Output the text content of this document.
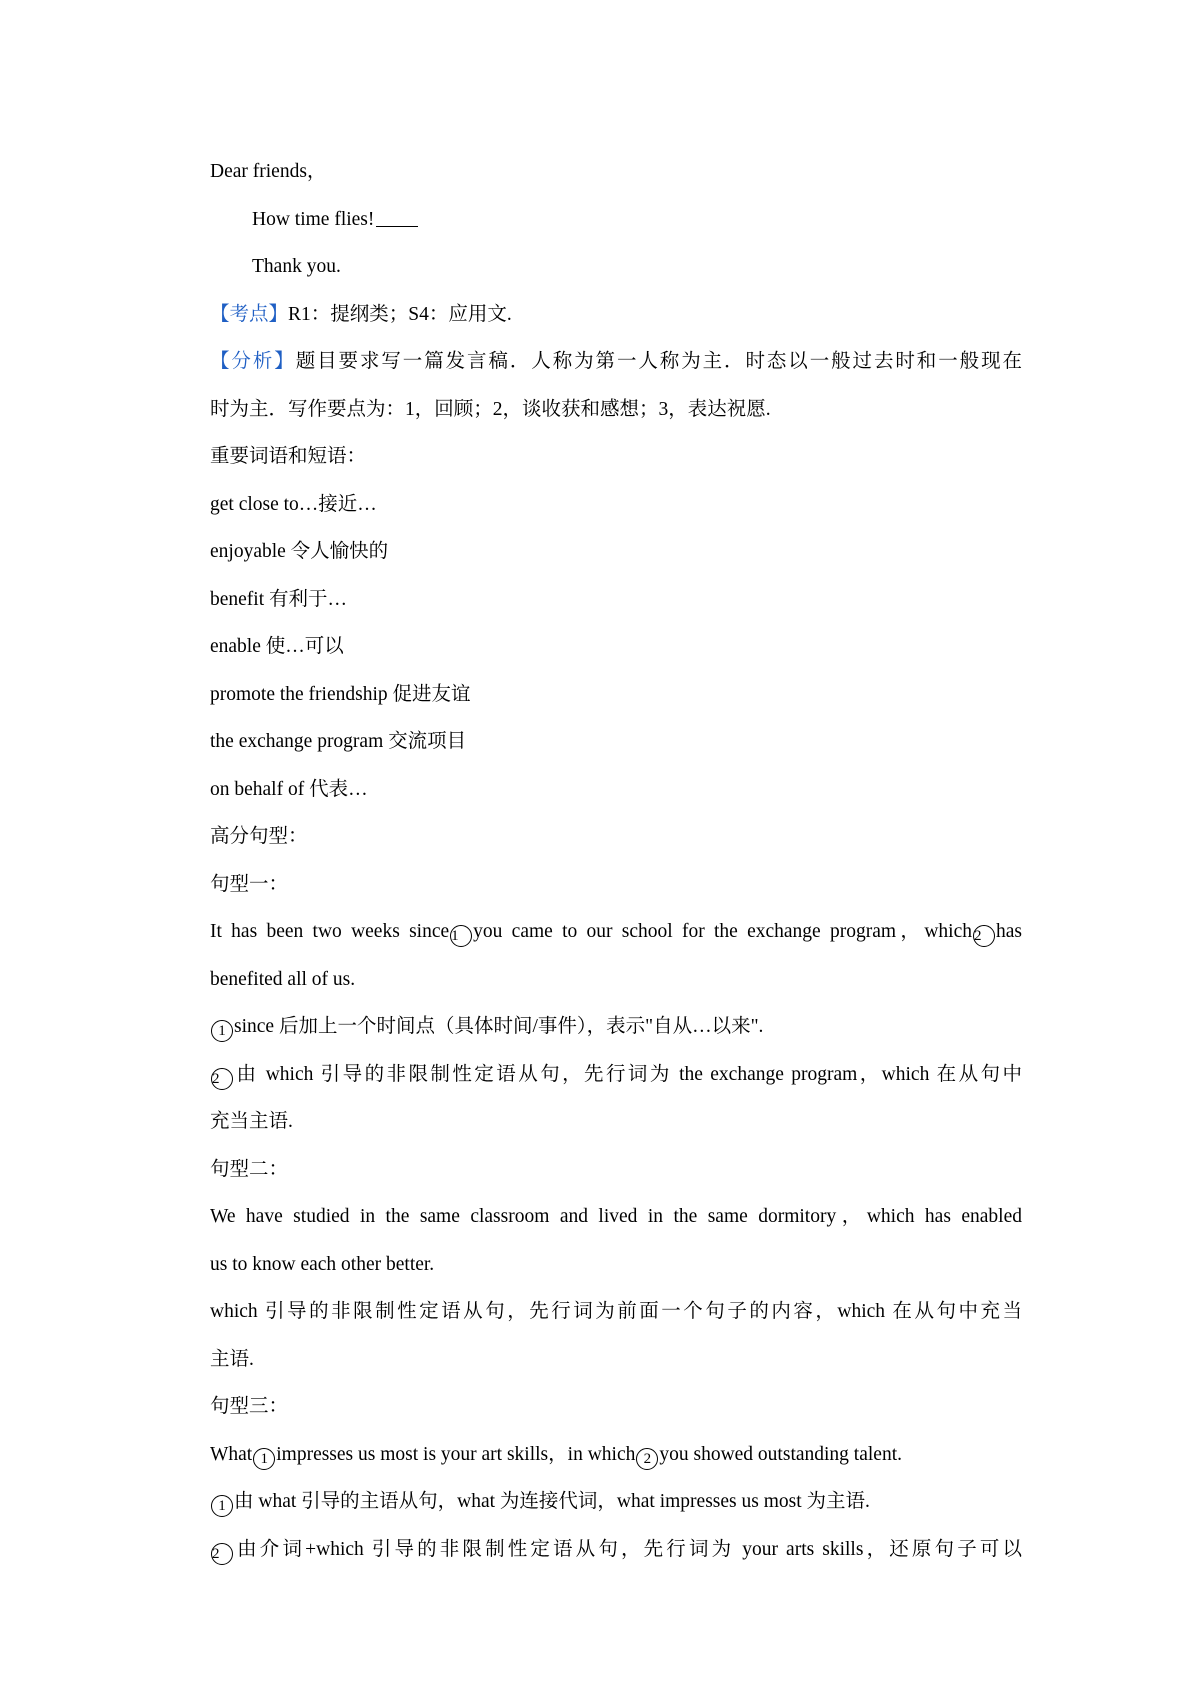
Dear friends，
How time flies!
Thank you.
【考点】R1：提纲类；S4：应用文.
【分析】题目要求写一篇发言稿．人称为第一人称为主．时态以一般过去时和一般现在
时为主．写作要点为：1，回顾；2，谈收获和感想；3，表达祝愿.
重要词语和短语：
get close to…接近…
enjoyable 令人愉快的
benefit 有利于…
enable 使…可以
promote the friendship 促进友谊
the exchange program 交流项目
on behalf of 代表…
高分句型：
句型一：
It has been two weeks since 1 you came to our school for the exchange program，which 2 has
benefited all of us.
1 since 后加上一个时间点（具体时间/事件），表示"自从…以来".
2 由 which 引导的非限制性定语从句，先行词为 the exchange program，which 在从句中
充当主语.
句型二：
We have studied in the same classroom and lived in the same dormitory，which has enabled
us to know each other better.
which 引导的非限制性定语从句，先行词为前面一个句子的内容，which 在从句中充当
主语.
句型三：
What 1 impresses us most is your art skills，in which 2 you showed outstanding talent.
1 由 what 引导的主语从句，what 为连接代词，what impresses us most 为主语.
2 由介词+which 引导的非限制性定语从句，先行词为 your arts skills，还原句子可以
